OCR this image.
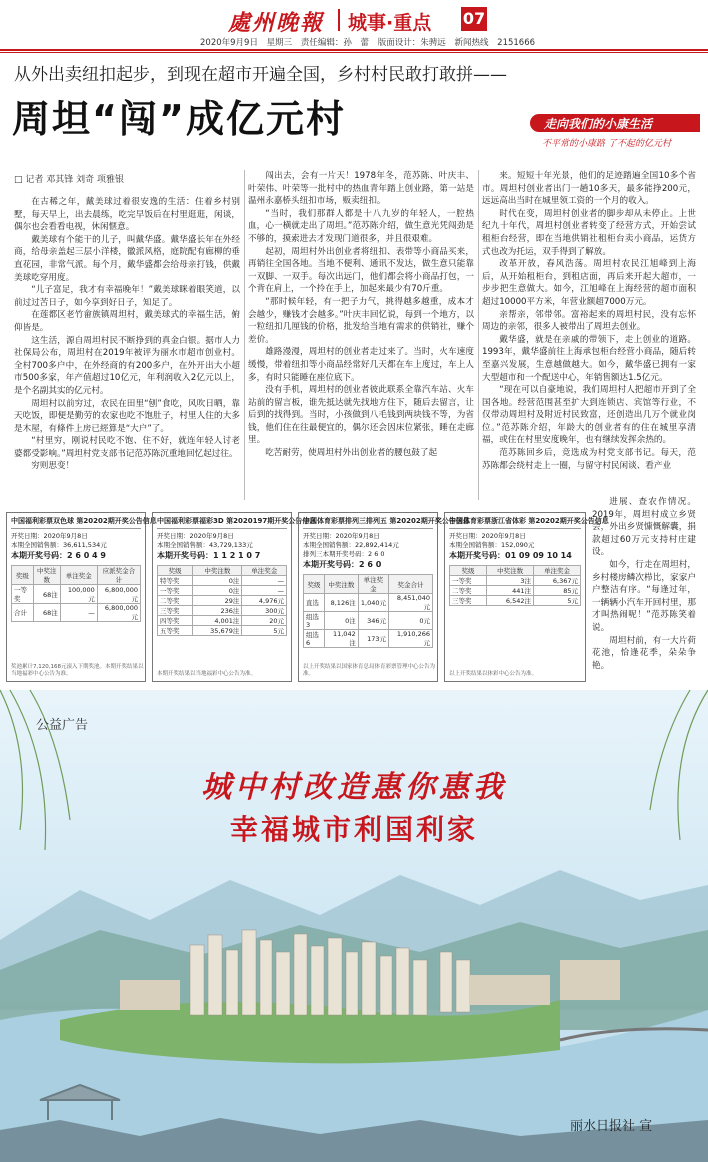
處州晚報 城事·重点 07
2020年9月9日 星期三 责任编辑：孙 蕾 版面设计：朱骋远 新闻热线 2151666
从外出卖纽扣起步，到现在超市开遍全国，乡村村民敢打敢拼——
周坦“闯”成亿元村	走向我们的小康生活
不平常的小康路 了不起的亿元村
□ 记者 邓其锋 刘奇 项雅银

在古稀之年，戴美球过着很安逸的生活：住着乡村别墅，每天早上，出去晨练，吃完早饭后在村里逛逛，闲谈，偶尔也会看看电视，休闲惬意。

戴美球有个能干的儿子，叫戴华盛。戴华盛长年在外经商，给母亲盖起三层小洋楼，徽派风格，庭院配有廊柳的垂直花园，非常气派。每个月，戴华盛都会给母亲打钱，供戴美球吃穿用度。

“儿子富足，我才有幸福晚年！”戴美球眯着眼笑道，以前过过苦日子，如今享到好日子，知足了。

在莲都区老竹畲族镇周坦村，戴美球式的幸福生活，俯仰皆是。

这生活，源自周坦村民不断挣到的真金白银。据市人力社保局公布，周坦村在2019年被评为丽水市超市创业村。全村700多户中，在外经商的有200多户，在外开出大小超市500多家，年产值超过10亿元，年利润收入2亿元以上，是个名副其实的亿元村。

周坦村以前穷过，农民在田里“刨”食吃，风吹日晒，靠天吃饭，即便是勤劳的农家也吃不饱肚子，村里人住的大多是木屋，有條件上房已經算是“大户”了。

“村里穷，刚说村民吃不饱、住不好，就连年轻人讨老婆都受影响。”周坦村党支部书记范苏陈沉重地回忆起过往。

穷则思变！

闯出去，会有一片天！1978年冬，范苏陈、叶庆丰、叶荣伟、叶荣等一批村中的热血青年踏上创业路，第一站是温州永嘉桥头纽扣市场，贩卖纽扣。

“当时，我们那群人都是十八九岁的年轻人，一腔热血，心一横就走出了周坦。”范苏陈介绍，做生意光凭闯劲是不够的，摸索进去才发现门道很多，并且很艰难。

起初，周坦村外出创业者将纽扣、表带等小商品买来，再销往全国各地。当地不便利、通讯不发达，做生意只能靠一双脚、一双手。每次出远门，他们都会将小商品打包，一个背在肩上，一个拎在手上，加起来最少有70斤重。

“那时候年轻，有一把子力气，挑得越多越重，成本才会越少，赚钱才会越多。”叶庆丰回忆说，每到一个地方，以一粒纽扣几厘钱的价格，批发给当地有需求的供销社，赚个差价。

雄路漫漫，周坦村的创业者走过来了。当时，火车速度缓慢，带着纽扣等小商品经常好几天都在车上度过，车上人多，有时只能睡在座位底下。

没有手机，周坦村的创业者彼此联系全靠汽车站、火车站前的留言板，谁先抵达就先找地方住下，随后去留言，让后到的找得到。当时，小孩做到八毛钱到两块钱不等，为省钱，他们住在往最便宜的，偶尔还会因床位紧张，睡在走廊里。

吃苦耐劳，使周坦村外出创业者的腰包鼓了起

来。短短十年光景，他们的足迹踏遍全国10多个省市。周坦村创业者出门一趟10多天，最多能挣200元，远远高出当时在城里领工资的一个月的收入。

时代在变，周坦村创业者的脚步却从未停止。上世纪九十年代，周坦村创业者转变了经营方式，开始尝试租柜台经营，即在当地供销社租柜台卖小商品，运货方式也改为托运，双手得到了解放。

改革开放，春风浩荡。周坦村农民江旭峰到上海后，从开始租柜台，到租店面，再后来开起大超市，一步步把生意做大。如今，江旭峰在上海经营的超市面积超过10000平方米，年营业额超7000万元。

亲帮亲，邻带邻。富裕起来的周坦村民，没有忘怀周边的亲邻，很多人被带出了周坦去创业。

戴华盛，就是在亲戚的带领下，走上创业的道路。1993年，戴华盛前往上海承包柜台经营小商品，随后转至嘉兴发展，生意越做越大。如今，戴华盛已拥有一家大型超市和一个配送中心，年销售额达1.5亿元。

“现在可以自豪地说，我们周坦村人把超市开到了全国各地。经营范围甚至扩大到连锁店、宾馆等行业，不仅带动周坦村及附近村民致富，还创造出几万个就业岗位。”范苏陈介绍，年龄大的创业者有的住在城里享清福，或住在村里安度晚年，也有继续发挥余热的。

范苏陈回乡后，竞选成为村党支部书记。每天，范苏陈都会绕村走上一圈，与留守村民闲谈、看产业

进展、查农作情况。2019年，周坦村成立乡贤会，外出乡贤慷慨解囊，捐款超过60万元支持村庄建设。

如今，行走在周坦村，乡村楼房鳞次栉比，家家户户整洁有序。“每逢过年，一辆辆小汽车开回村里，那才叫热闹呢！”范苏陈笑着说。

周坦村前，有一大片荷花池，恰逢花季，朵朵争艳。

中国福利彩票双色球 第20202期开奖公告信息
开奖日期：2020年9月8日
本期全国销售额：36,611,534元
本期开奖号码：2 6 0 4 9
奖级	中奖注数	单注奖金	应派奖金合计
一等奖	68注	100,000元	6,800,000元
合计	68注	—	6,800,000元
奖池累计7,120,168元滚入下期奖池。本期开奖结果以当地福彩中心公告为准。
中国福利彩票福彩3D 第2020197期开奖公告信息
开奖日期：2020年9月8日
本期全国销售额：43,729,133元
本期开奖号码：1 1 2 1 0 7
奖级	中奖注数	单注奖金
特等奖	0注	—
一等奖	0注	—
二等奖	29注	4,976元
三等奖	236注	300元
四等奖	4,001注	20元
五等奖	35,679注	5元
本期开奖结果以当地福彩中心公告为准。
中国体育彩票排列三排列五 第20202期开奖公告信息
开奖日期：2020年9月8日
本期全国销售额：22,892,414元
排列三本期开奖号码：2 6 0
本期开奖号码：2 6 0
奖级	中奖注数	单注奖金	奖金合计
直选	8,126注	1,040元	8,451,040元
组选3	0注	346元	0元
组选6	11,042注	173元	1,910,266元
以上开奖结果以国家体育总局体育彩票管理中心公告为准。
中国体育彩票浙江省体彩 第20202期开奖公告信息
开奖日期：2020年9月8日
本期全国销售额：152,090元
本期开奖号码：01 09 09 10 14
奖级	中奖注数	单注奖金
一等奖	3注	6,367元
二等奖	441注	85元
三等奖	6,542注	5元
以上开奖结果以体彩中心公告为准。
公益广告
城中村改造惠你惠我
幸福城市利国利家
丽水日报社 宣
